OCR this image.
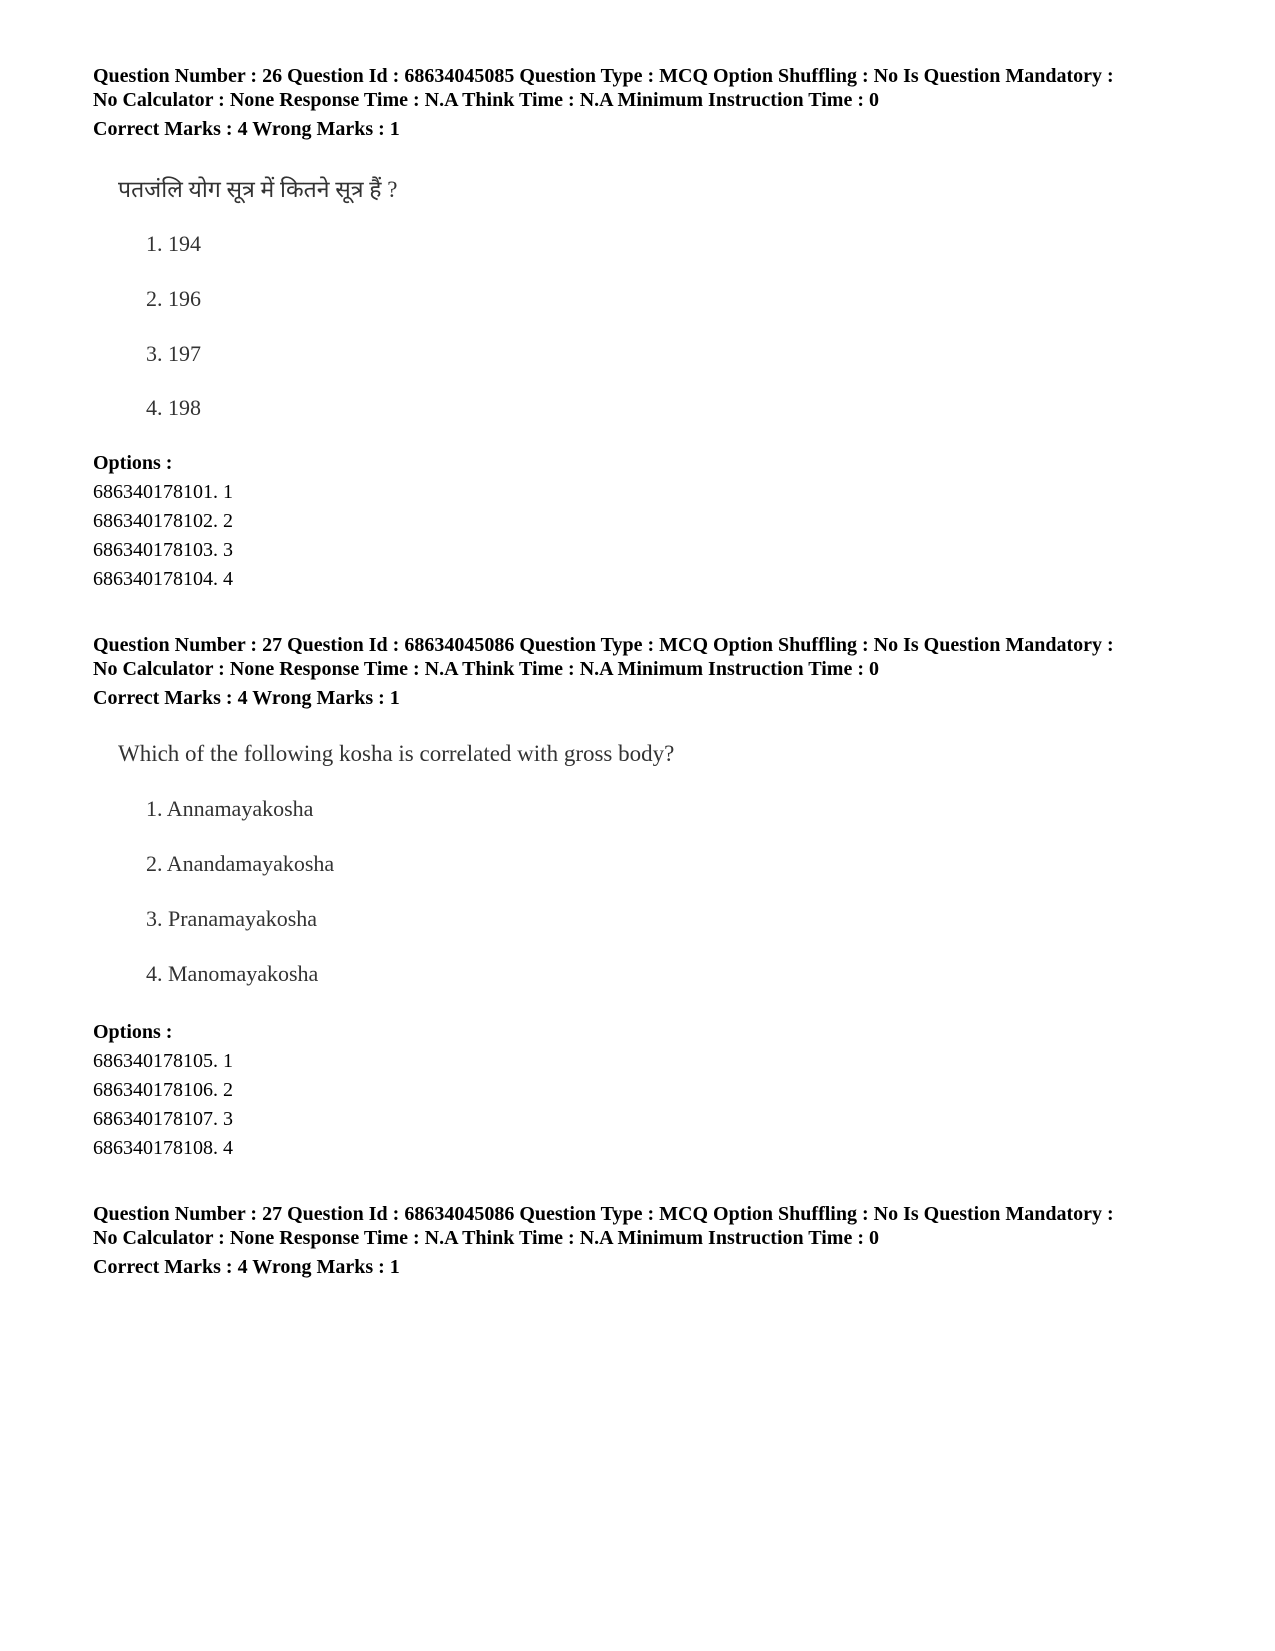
Question Number : 26 Question Id : 68634045085 Question Type : MCQ Option Shuffling : No Is Question Mandatory :
No Calculator : None Response Time : N.A Think Time : N.A Minimum Instruction Time : 0
Correct Marks : 4 Wrong Marks : 1
पतजंलि योग सूत्र में कितने सूत्र हैं ?
1. 194
2. 196
3. 197
4. 198
Options :
686340178101. 1
686340178102. 2
686340178103. 3
686340178104. 4
Question Number : 27 Question Id : 68634045086 Question Type : MCQ Option Shuffling : No Is Question Mandatory :
No Calculator : None Response Time : N.A Think Time : N.A Minimum Instruction Time : 0
Correct Marks : 4 Wrong Marks : 1
Which of the following kosha is correlated with gross body?
1. Annamayakosha
2. Anandamayakosha
3. Pranamayakosha
4. Manomayakosha
Options :
686340178105. 1
686340178106. 2
686340178107. 3
686340178108. 4
Question Number : 27 Question Id : 68634045086 Question Type : MCQ Option Shuffling : No Is Question Mandatory :
No Calculator : None Response Time : N.A Think Time : N.A Minimum Instruction Time : 0
Correct Marks : 4 Wrong Marks : 1
